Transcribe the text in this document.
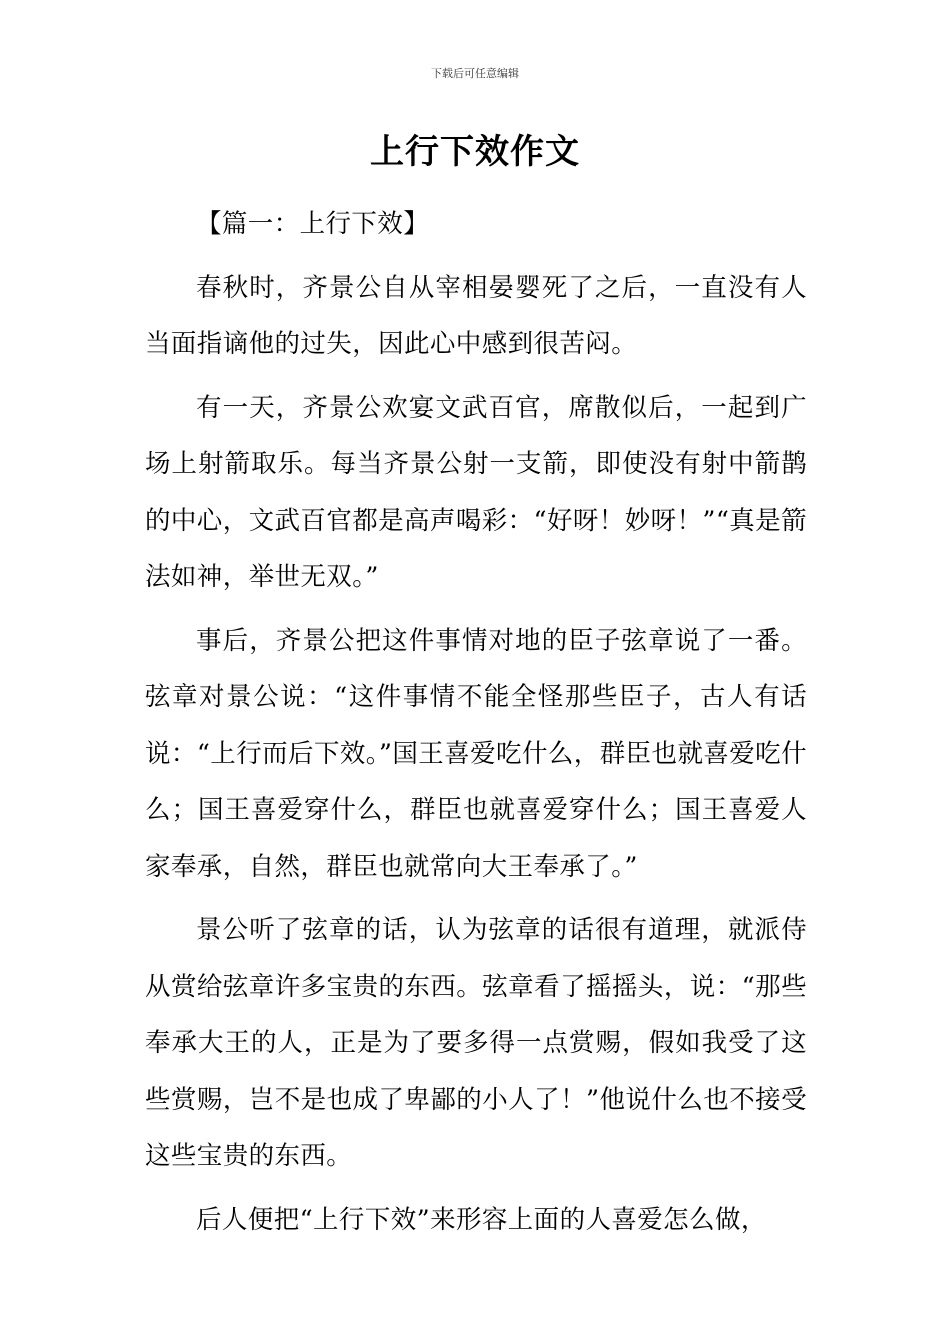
下载后可任意编辑
上行下效作文

【篇一：上行下效】

春秋时，齐景公自从宰相晏婴死了之后，一直没有人当面指谪他的过失，因此心中感到很苦闷。

有一天，齐景公欢宴文武百官，席散似后，一起到广场上射箭取乐。每当齐景公射一支箭，即使没有射中箭鹊的中心，文武百官都是高声喝彩：“好呀！妙呀！”“真是箭法如神，举世无双。”

事后，齐景公把这件事情对地的臣子弦章说了一番。弦章对景公说：“这件事情不能全怪那些臣子，古人有话说：“上行而后下效。”国王喜爱吃什么，群臣也就喜爱吃什么；国王喜爱穿什么，群臣也就喜爱穿什么；国王喜爱人家奉承，自然，群臣也就常向大王奉承了。”

景公听了弦章的话，认为弦章的话很有道理，就派侍从赏给弦章许多宝贵的东西。弦章看了摇摇头，说：“那些奉承大王的人，正是为了要多得一点赏赐，假如我受了这些赏赐，岂不是也成了卑鄙的小人了！”他说什么也不接受这些宝贵的东西。

后人便把“上行下效”来形容上面的人喜爱怎么做，
